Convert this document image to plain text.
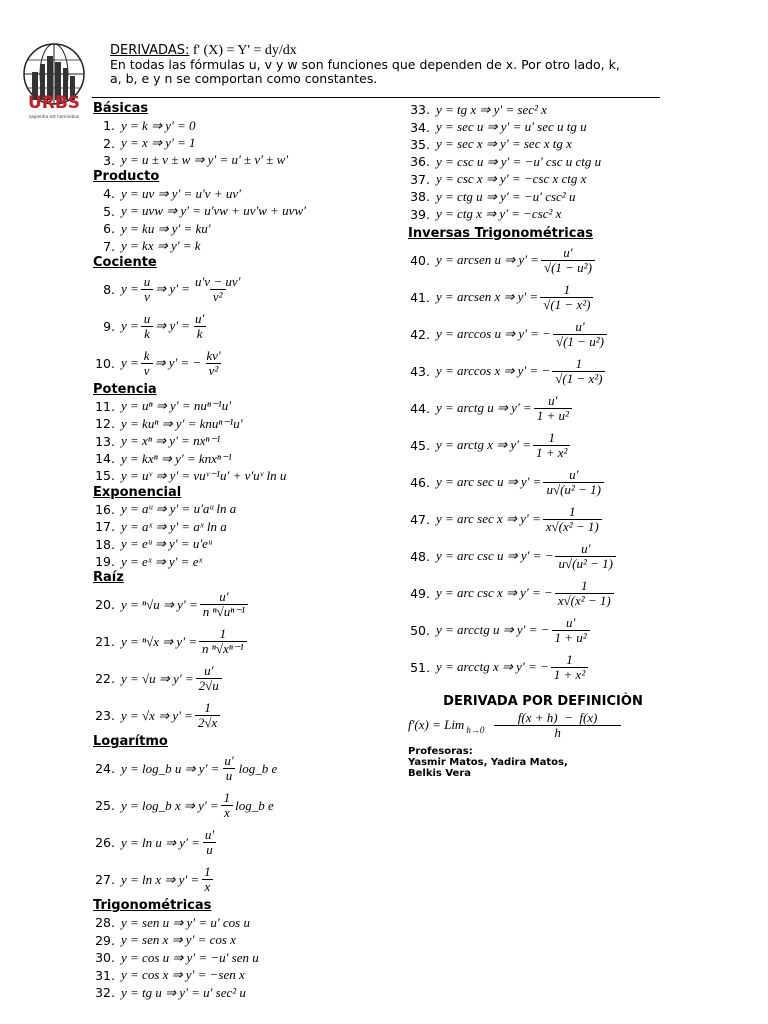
URBS
sapientia est hominibus
DERIVADAS: f' (X) = Y' = dy/dx
En todas las fórmulas u, v y w son funciones que dependen de x. Por otro lado, k,
a, b, e y n se comportan como constantes.
Básicas
1. y = k ⇒ y' = 0
2. y = x ⇒ y' = 1
3. y = u ± v ± w ⇒ y' = u' ± v' ± w'
Producto
4. y = uv ⇒ y' = u'v + uv'
5. y = uvw ⇒ y' = u'vw + uv'w + uvw'
6. y = ku ⇒ y' = ku'
7. y = kx ⇒ y' = k
Cociente
8. $y = \frac{u}{v}$ ⇒ $y' = \frac{u'v - uv'}{\text{v²}}$
9. $y = \frac{u}{k}$ ⇒ $y' = \frac{u'}{k}$
10. $y = \frac{k}{v}$ ⇒ y' = − $\frac{kv'}{\text{v²}}$
Potencia
11. y = uⁿ ⇒ y' = nuⁿ⁻¹u'
12. y = kuⁿ ⇒ y' = knuⁿ⁻¹u'
13. y = xⁿ ⇒ y' = nxⁿ⁻¹
14. y = kxⁿ ⇒ y' = knxⁿ⁻¹
15. y = uᵛ ⇒ y' = vuᵛ⁻¹u' + v'uᵛ ln u
Exponencial
16. y = aᵘ ⇒ y' = u'aᵘ ln a
17. y = aˣ ⇒ y' = aˣ ln a
18. y = eᵘ ⇒ y' = u'eᵘ
19. y = eˣ ⇒ y' = eˣ
Raíz
20. y = ⁿ√u ⇒ $y' = \frac{u'}{\text{n ⁿ√uⁿ⁻¹}}$
21. y = ⁿ√x ⇒ $y' = \frac{1}{\text{n ⁿ√xⁿ⁻¹}}$
22. y = √u ⇒ $y' = \frac{u'}{2√u}$
23. y = √x ⇒ $y' = \frac{1}{2√x}$
Logarítmo
24. y = log_b u ⇒ $y' = \frac{u'}{u}$ log_b e
25. y = log_b x ⇒ $y' = \frac{1}{x}$ log_b e
26. y = ln u ⇒ $y' = \frac{u'}{u}$
27. y = ln x ⇒ $y' = \frac{1}{x}$
Trigonométricas
28. y = sen u ⇒ y' = u' cos u
29. y = sen x ⇒ y' = cos x
30. y = cos u ⇒ y' = −u' sen u
31. y = cos x ⇒ y' = −sen x
32. y = tg u ⇒ y' = u' sec² u
33. y = tg x ⇒ y' = sec² x
34. y = sec u ⇒ y' = u' sec u tg u
35. y = sec x ⇒ y' = sec x tg x
36. y = csc u ⇒ y' = −u' csc u ctg u
37. y = csc x ⇒ y' = −csc x ctg x
38. y = ctg u ⇒ y' = −u' csc² u
39. y = ctg x ⇒ y' = −csc² x
Inversas Trigonométricas
40. y = arcsen u ⇒ $y' = \frac{u'}{\text{√(1 − u²)}}$
41. y = arcsen x ⇒ $y' = \frac{1}{\text{√(1 − x²)}}$
42. y = arccos u ⇒ y' = − $\frac{u'}{\text{√(1 − u²)}}$
43. y = arccos x ⇒ y' = − $\frac{1}{\text{√(1 − x²)}}$
44. y = arctg u ⇒ $y' = \frac{u'}{\text{1 + u²}}$
45. y = arctg x ⇒ $y' = \frac{1}{\text{1 + x²}}$
46. y = arc sec u ⇒ $y' = \frac{u'}{\text{u√(u² − 1)}}$
47. y = arc sec x ⇒ $y' = \frac{1}{\text{x√(x² − 1)}}$
48. y = arc csc u ⇒ y' = − $\frac{u'}{\text{u√(u² − 1)}}$
49. y = arc csc x ⇒ y' = − $\frac{1}{\text{x√(x² − 1)}}$
50. y = arcctg u ⇒ y' = − $\frac{u'}{\text{1 + u²}}$
51. y = arcctg x ⇒ y' = − $\frac{1}{\text{1 + x²}}$
DERIVADA POR DEFINICIÒN
f'(x) = Lim $h\to 0 \frac{f(x + h) - f(x)}{h}$
Profesoras:
Yasmir Matos, Yadira Matos,
Belkis Vera
